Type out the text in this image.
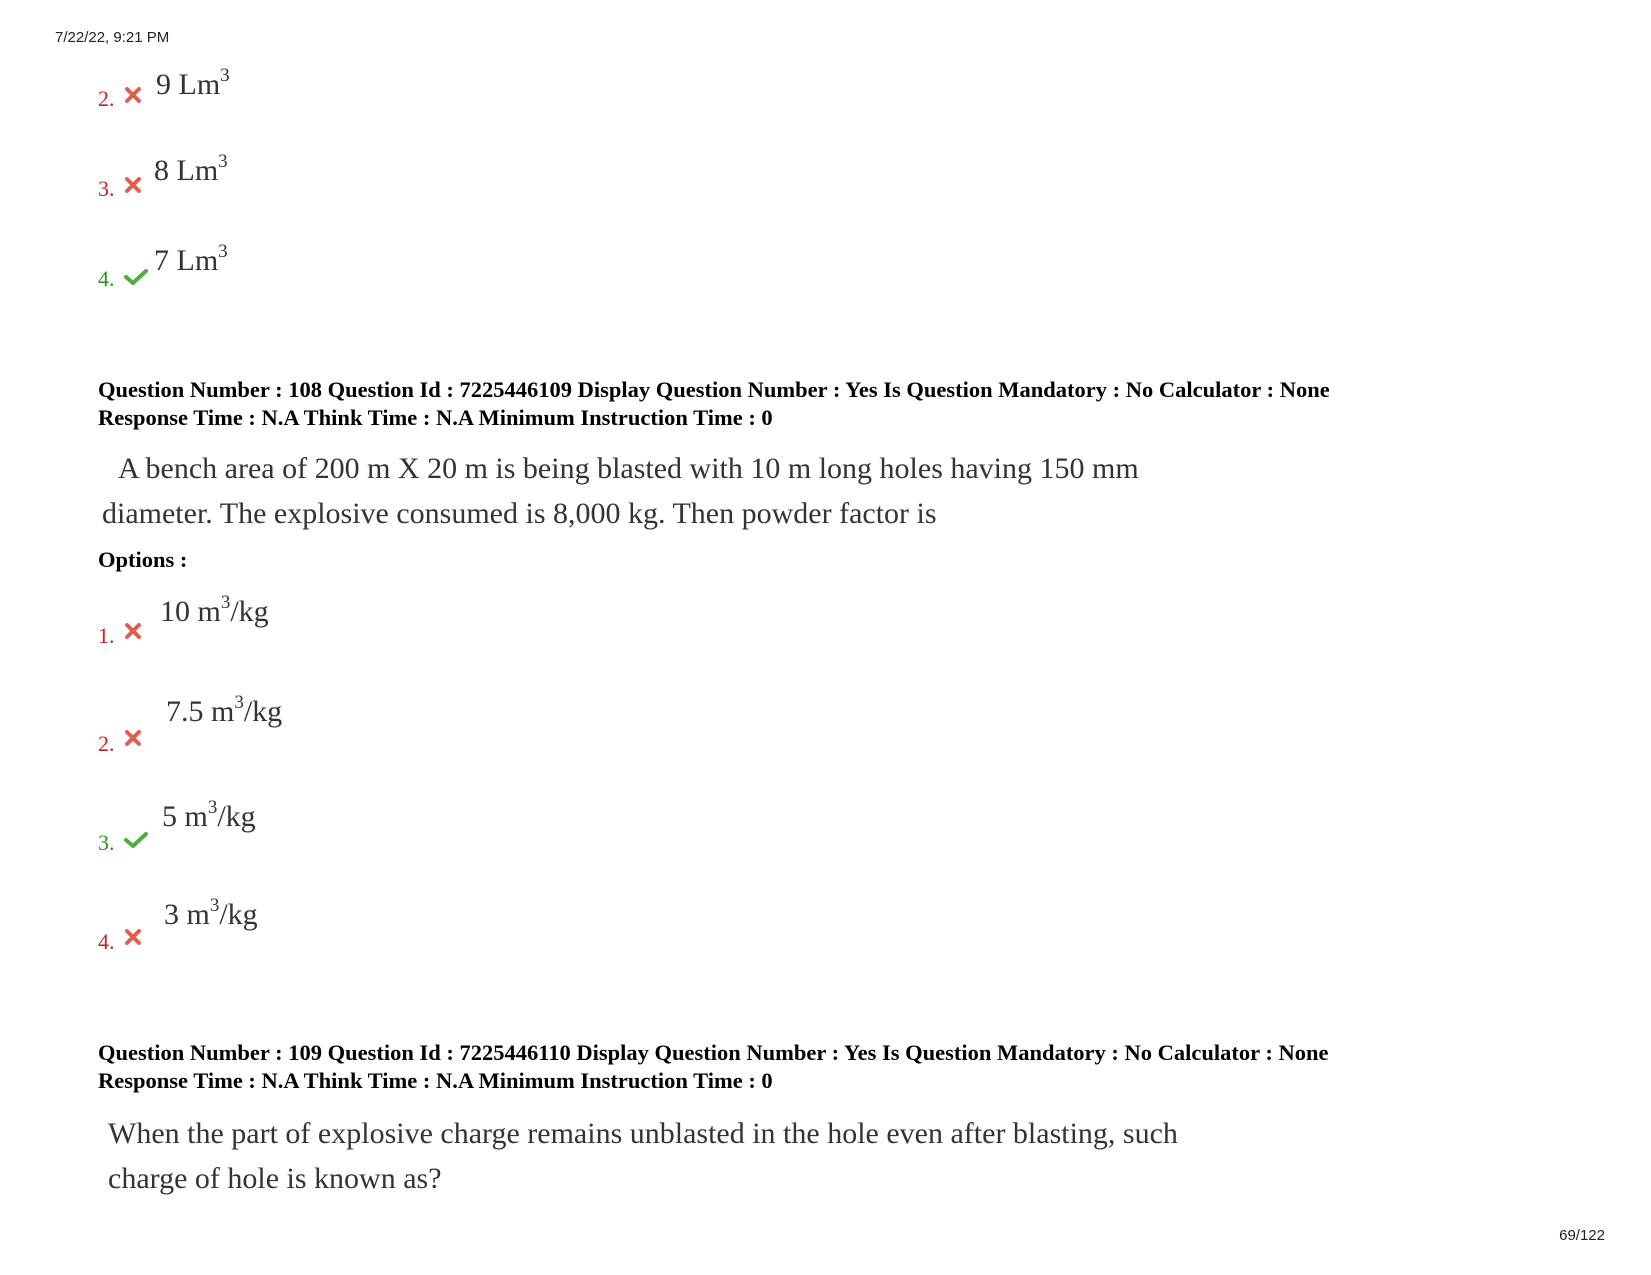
7/22/22, 9:21 PM
69/122
2. 9 Lm$^3$
3.
8 Lm$^3$
4.
7 Lm$^3$
Question Number : 108 Question Id : 7225446109 Display Question Number : Yes Is Question Mandatory : No Calculator : None
Response Time : N.A Think Time : N.A Minimum Instruction Time : 0
A bench area of 200 m X 20 m is being blasted with 10 m long holes having 150 mm
diameter. The explosive consumed is 8,000 kg. Then powder factor is
Options :
1.
10 $m^3/kg$
2.
7.5 $m^3/kg$
3.
5 $m^3/kg$
4.
3 $m^3/kg$
Question Number : 109 Question Id : 7225446110 Display Question Number : Yes Is Question Mandatory : No Calculator : None
Response Time : N.A Think Time : N.A Minimum Instruction Time : 0
When the part of explosive charge remains unblasted in the hole even after blasting, such
charge of hole is known as?
